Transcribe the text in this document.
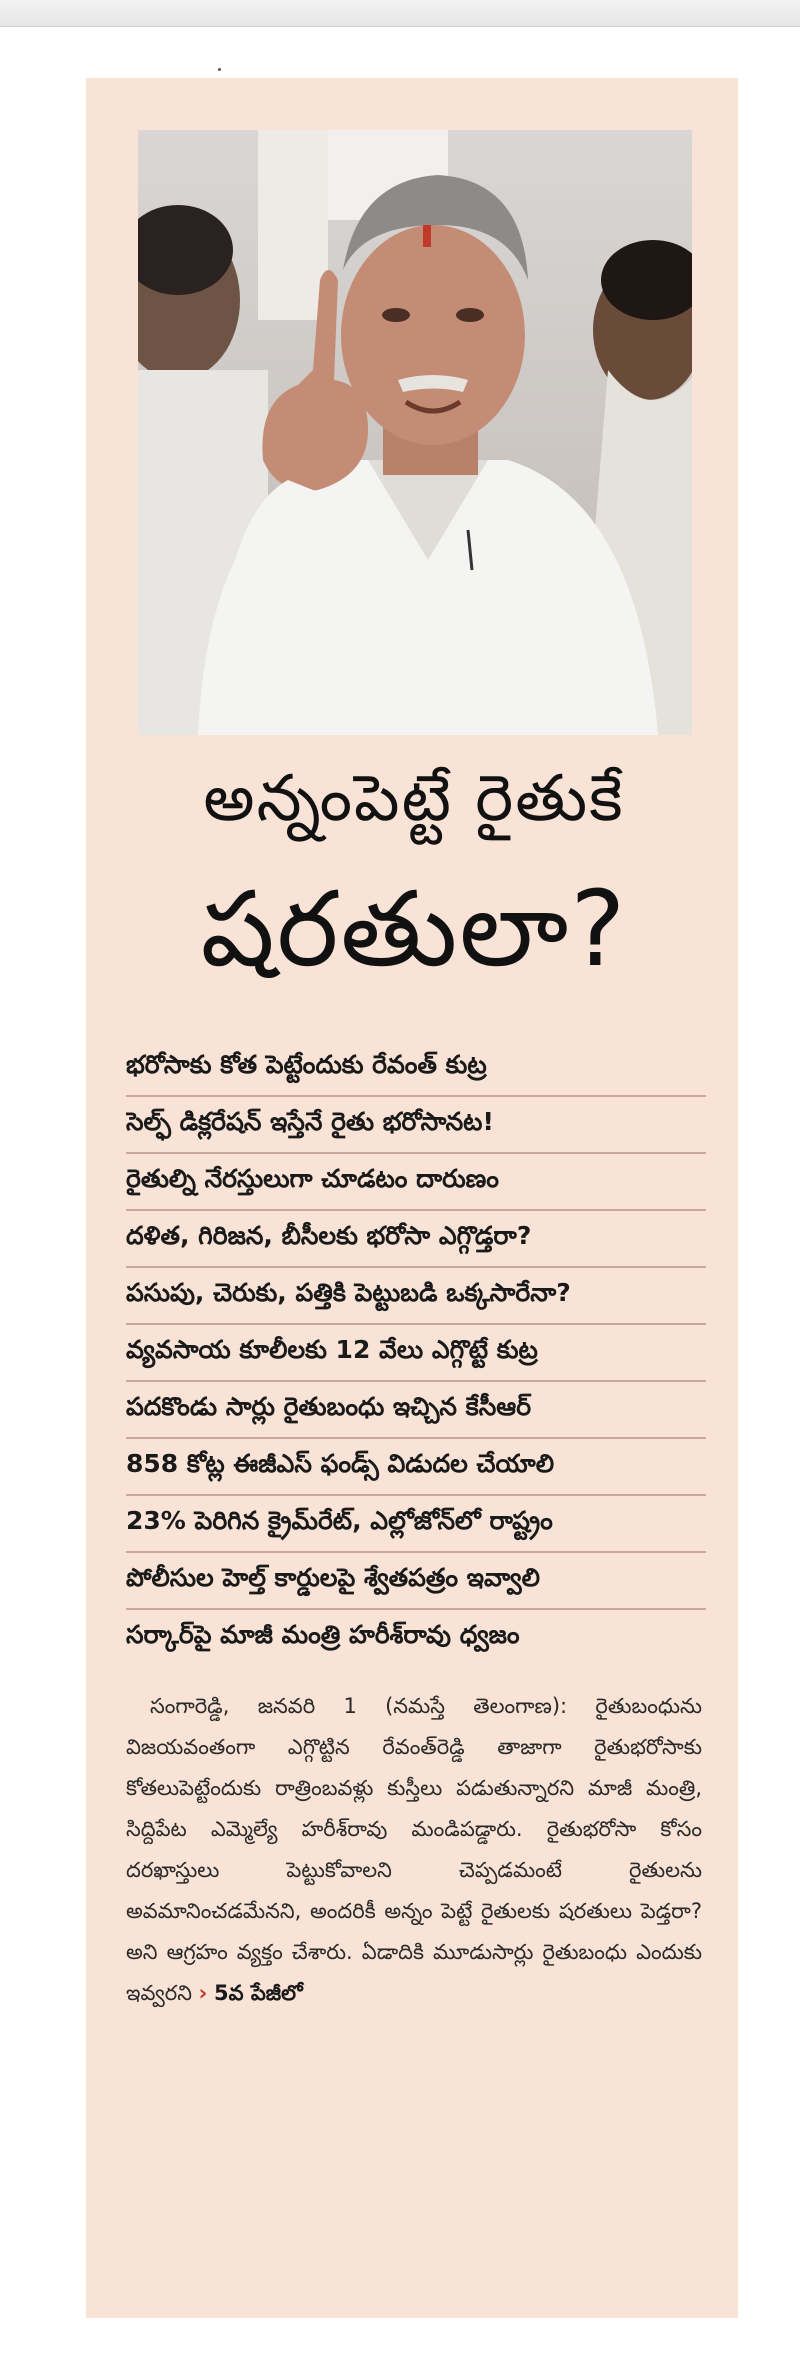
అన్నంపెట్టే రైతుకే
షరతులా?
భరోసాకు కోత పెట్టేందుకు రేవంత్ కుట్ర
సెల్ఫ్ డిక్లరేషన్ ఇస్తేనే రైతు భరోసానట!
రైతుల్ని నేరస్తులుగా చూడటం దారుణం
దళిత, గిరిజన, బీసీలకు భరోసా ఎగ్గొడ్తరా?
పసుపు, చెరుకు, పత్తికి పెట్టుబడి ఒక్కసారేనా?
వ్యవసాయ కూలీలకు 12 వేలు ఎగ్గొట్టే కుట్ర
పదకొండు సార్లు రైతుబంధు ఇచ్చిన కేసీఆర్
858 కోట్ల ఈజీఎస్ ఫండ్స్ విడుదల చేయాలి
23% పెరిగిన క్రైమ్‌రేట్, ఎల్లోజోన్‌లో రాష్ట్రం
పోలీసుల హెల్త్ కార్డులపై శ్వేతపత్రం ఇవ్వాలి
సర్కార్‌పై మాజీ మంత్రి హరీశ్‌రావు ధ్వజం
సంగారెడ్డి, జనవరి 1 (నమస్తే తెలంగాణ): రైతుబంధును విజయవంతంగా ఎగ్గొట్టిన రేవంత్‌రెడ్డి తాజాగా రైతుభరోసాకు కోతలుపెట్టేందుకు రాత్రింబవళ్లు కుస్తీలు పడుతున్నారని మాజీ మంత్రి, సిద్దిపేట ఎమ్మెల్యే హరీశ్‌రావు మండిపడ్డారు. రైతుభరోసా కోసం దరఖాస్తులు పెట్టుకోవాలని చెప్పడమంటే రైతులను అవమానించడమేనని, అందరికీ అన్నం పెట్టే రైతులకు షరతులు పెడ్తరా? అని ఆగ్రహం వ్యక్తం చేశారు. ఏడాదికి మూడుసార్లు రైతుబంధు ఎందుకు ఇవ్వరని › 5వ పేజీలో
